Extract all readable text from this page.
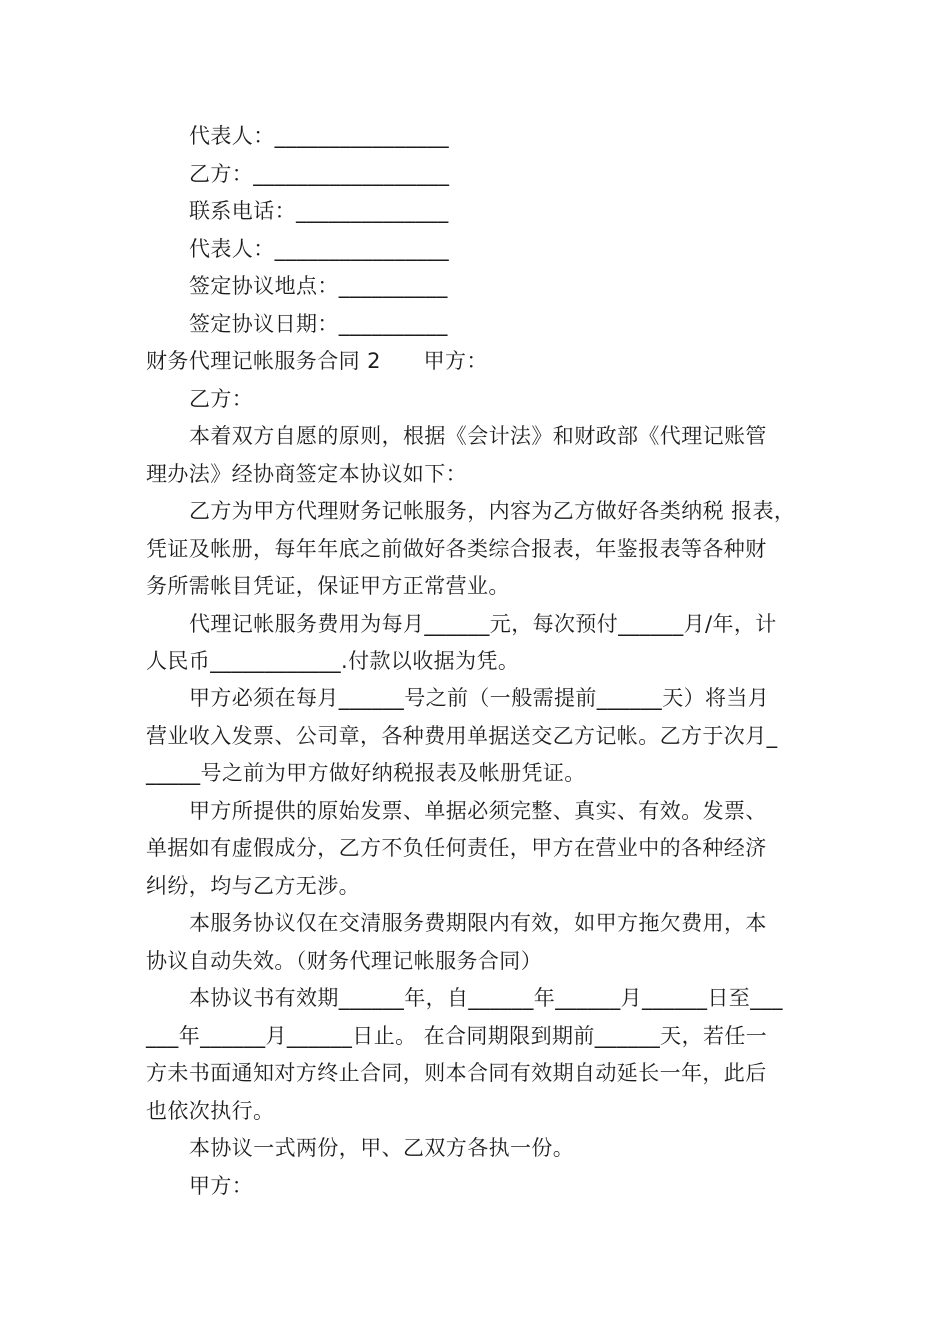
代表人：________________
乙方：__________________
联系电话：______________
代表人：________________
签定协议地点：__________
签定协议日期：__________
财务代理记帐服务合同 2　　甲方：
乙方：
本着双方自愿的原则，根据《会计法》和财政部《代理记账管
理办法》经协商签定本协议如下：
乙方为甲方代理财务记帐服务，内容为乙方做好各类纳税 报表，
凭证及帐册，每年年底之前做好各类综合报表，年鉴报表等各种财
务所需帐目凭证，保证甲方正常营业。
代理记帐服务费用为每月______元，每次预付______月/年，计
人民币____________.付款以收据为凭。
甲方必须在每月______号之前（一般需提前______天）将当月
营业收入发票、公司章，各种费用单据送交乙方记帐。乙方于次月_
_____号之前为甲方做好纳税报表及帐册凭证。
甲方所提供的原始发票、单据必须完整、真实、有效。发票、
单据如有虚假成分，乙方不负任何责任，甲方在营业中的各种经济
纠纷，均与乙方无涉。
本服务协议仅在交清服务费期限内有效，如甲方拖欠费用，本
协议自动失效。（财务代理记帐服务合同）
本协议书有效期______年，自______年______月______日至___
___年______月______日止。 在合同期限到期前______天，若任一
方未书面通知对方终止合同，则本合同有效期自动延长一年，此后
也依次执行。
本协议一式两份，甲、乙双方各执一份。
甲方：
